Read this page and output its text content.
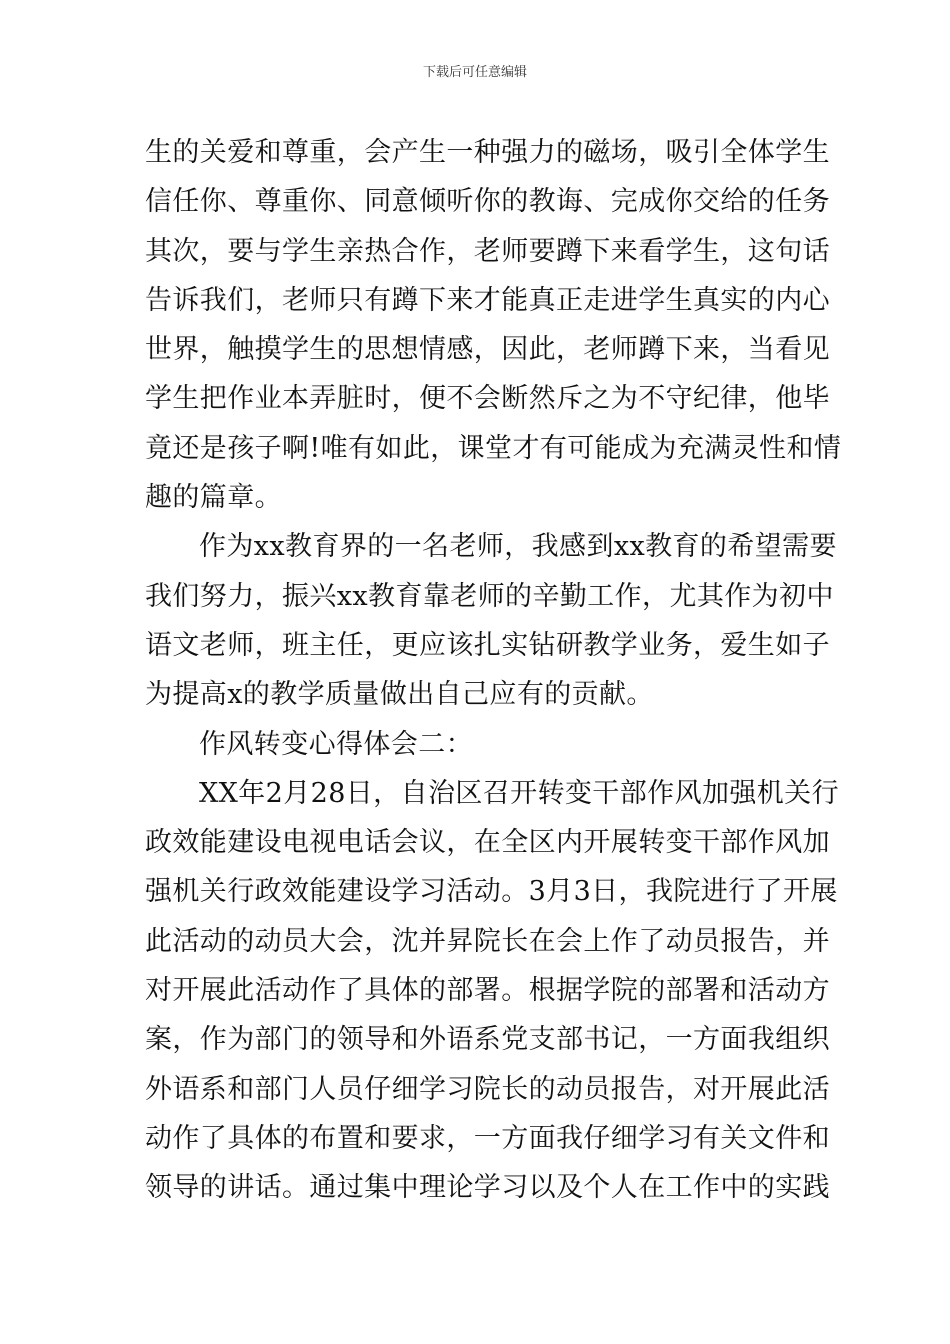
下载后可任意编辑
生的关爱和尊重，会产生一种强力的磁场，吸引全体学生
信任你、尊重你、同意倾听你的教诲、完成你交给的任务
其次，要与学生亲热合作，老师要蹲下来看学生，这句话
告诉我们，老师只有蹲下来才能真正走进学生真实的内心
世界，触摸学生的思想情感，因此，老师蹲下来，当看见
学生把作业本弄脏时，便不会断然斥之为不守纪律，他毕
竟还是孩子啊!唯有如此，课堂才有可能成为充满灵性和情
趣的篇章。
作为xx教育界的一名老师，我感到xx教育的希望需要
我们努力，振兴xx教育靠老师的辛勤工作，尤其作为初中
语文老师，班主任，更应该扎实钻研教学业务，爱生如子
为提高x的教学质量做出自己应有的贡献。
作风转变心得体会二：
XX年2月28日，自治区召开转变干部作风加强机关行
政效能建设电视电话会议，在全区内开展转变干部作风加
强机关行政效能建设学习活动。3月3日，我院进行了开展
此活动的动员大会，沈并昇院长在会上作了动员报告，并
对开展此活动作了具体的部署。根据学院的部署和活动方
案，作为部门的领导和外语系党支部书记，一方面我组织
外语系和部门人员仔细学习院长的动员报告，对开展此活
动作了具体的布置和要求，一方面我仔细学习有关文件和
领导的讲话。通过集中理论学习以及个人在工作中的实践
